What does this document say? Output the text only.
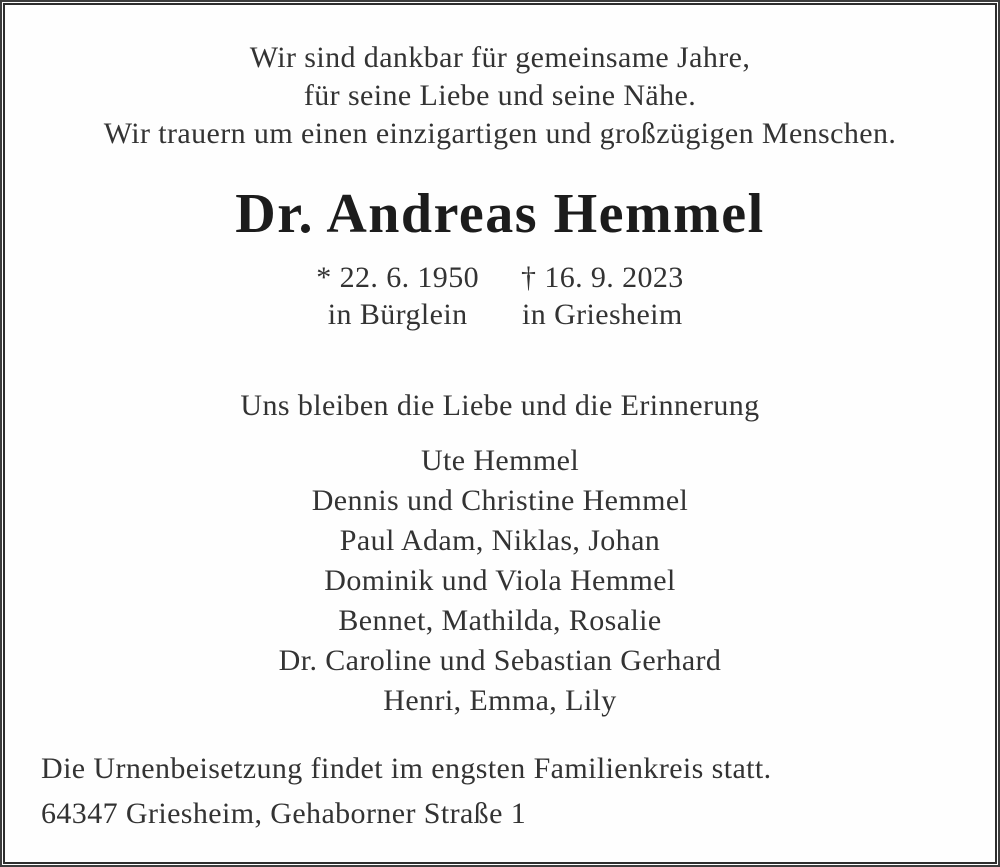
Wir sind dankbar für gemeinsame Jahre,
für seine Liebe und seine Nähe.
Wir trauern um einen einzigartigen und großzügigen Menschen.
Dr. Andreas Hemmel
* 22. 6. 1950
in Bürglein
† 16. 9. 2023
in Griesheim
Uns bleiben die Liebe und die Erinnerung
Ute Hemmel
Dennis und Christine Hemmel
Paul Adam, Niklas, Johan
Dominik und Viola Hemmel
Bennet, Mathilda, Rosalie
Dr. Caroline und Sebastian Gerhard
Henri, Emma, Lily
Die Urnenbeisetzung findet im engsten Familienkreis statt.
64347 Griesheim, Gehaborner Straße 1
